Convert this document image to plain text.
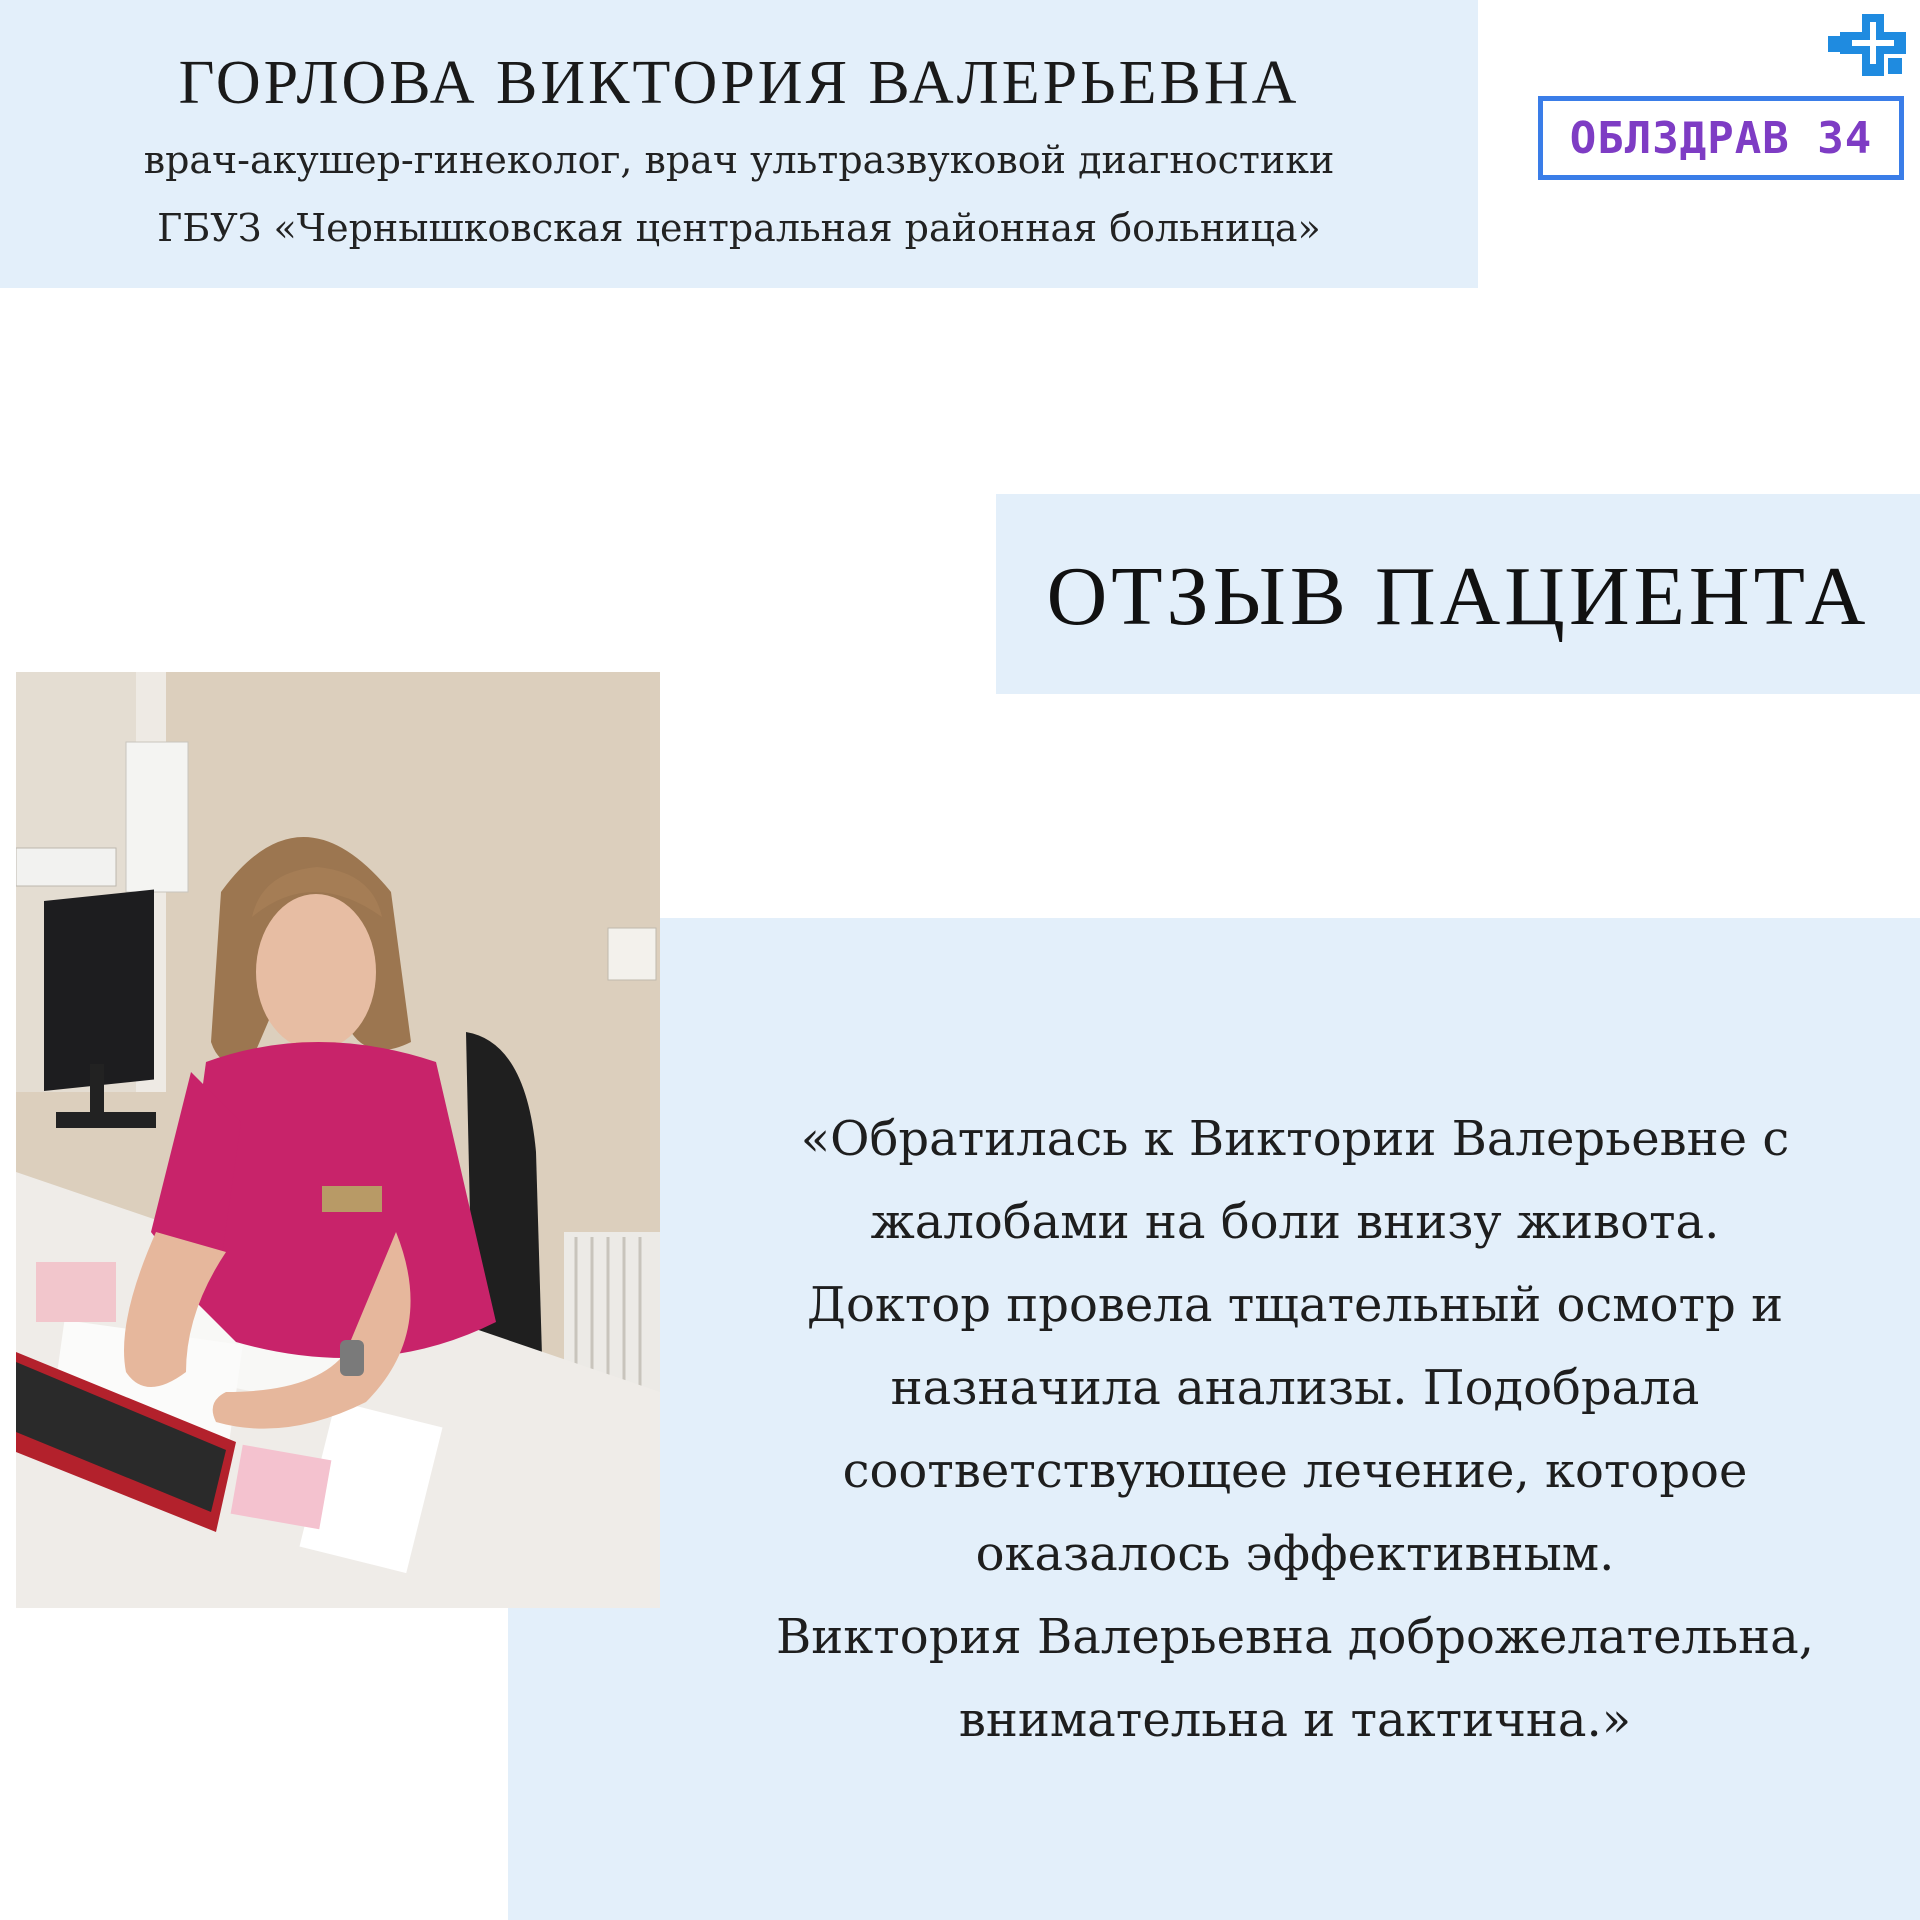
ГОРЛОВА ВИКТОРИЯ ВАЛЕРЬЕВНА
врач-акушер-гинеколог, врач ультразвуковой диагностики
ГБУЗ «Чернышковская центральная районная больница»
ОБЛЗДРАВ 34
ОТЗЫВ ПАЦИЕНТА
«Обратилась к Виктории Валерьевне с
жалобами на боли внизу живота.
Доктор провела тщательный осмотр и
назначила анализы. Подобрала
соответствующее лечение, которое
оказалось эффективным.
Виктория Валерьевна доброжелательна,
внимательна и тактична.»
